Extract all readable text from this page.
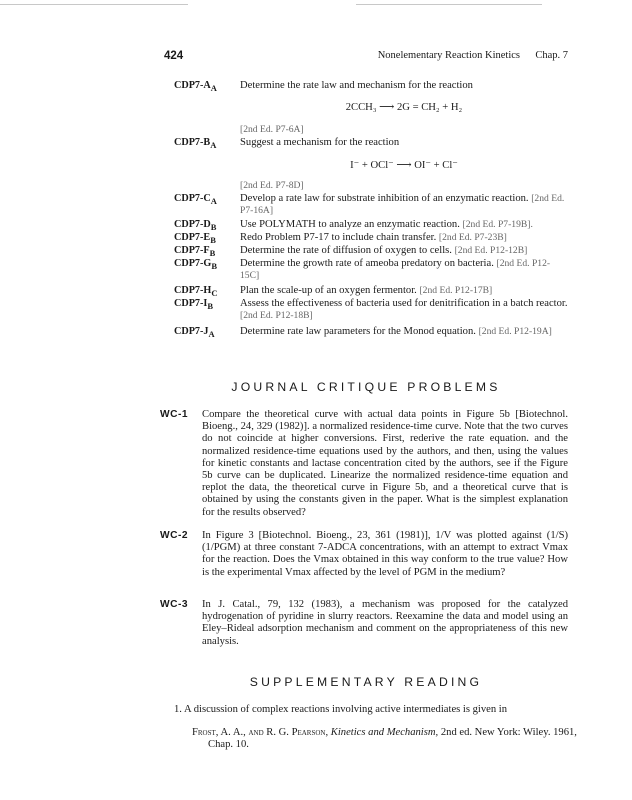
424	Nonelementary Reaction Kinetics Chap. 7
$CDP7-A_A$	Determine the rate law and mechanism for the reaction
2CCH₃ ⟶ 2G = CH₂ + H₂
[2nd Ed. P7-6A]
$CDP7-B_A$	Suggest a mechanism for the reaction
I⁻ + OCl⁻ ⟶ OI⁻ + Cl⁻
[2nd Ed. P7-8D]
$CDP7-C_A$	Develop a rate law for substrate inhibition of an enzymatic reaction. [2nd Ed. P7-16A]
$CDP7-D_B$	Use POLYMATH to analyze an enzymatic reaction. [2nd Ed. P7-19B].
$CDP7-E_B$	Redo Problem P7-17 to include chain transfer. [2nd Ed. P7-23B]
$CDP7-F_B$	Determine the rate of diffusion of oxygen to cells. [2nd Ed. P12-12B]
$CDP7-G_B$	Determine the growth rate of ameoba predatory on bacteria. [2nd Ed. P12-15C]
$CDP7-H_C$	Plan the scale-up of an oxygen fermentor. [2nd Ed. P12-17B]
$CDP7-I_B$	Assess the effectiveness of bacteria used for denitrification in a batch reactor. [2nd Ed. P12-18B]
$CDP7-J_A$	Determine rate law parameters for the Monod equation. [2nd Ed. P12-19A]
JOURNAL CRITIQUE PROBLEMS
WC-1 Compare the theoretical curve with actual data points in Figure 5b [Biotechnol. Bioeng., 24, 329 (1982)]. a normalized residence-time curve. Note that the two curves do not coincide at higher conversions. First, rederive the rate equation. and the normalized residence-time equations used by the authors, and then, using the values for kinetic constants and lactase concentration cited by the authors, see if the Figure 5b curve can be duplicated. Linearize the normalized residence-time equation and replot the data, the theoretical curve in Figure 5b, and a theoretical curve that is obtained by using the constants given in the paper. What is the simplest explanation for the results observed?
WC-2 In Figure 3 [Biotechnol. Bioeng., 23, 361 (1981)], 1/V was plotted against (1/S)(1/PGM) at three constant 7-ADCA concentrations, with an attempt to extract Vmax for the reaction. Does the Vmax obtained in this way conform to the true value? How is the experimental Vmax affected by the level of PGM in the medium?
WC-3 In J. Catal., 79, 132 (1983), a mechanism was proposed for the catalyzed hydrogenation of pyridine in slurry reactors. Reexamine the data and model using an Eley–Rideal adsorption mechanism and comment on the appropriateness of this new analysis.
SUPPLEMENTARY READING
1. A discussion of complex reactions involving active intermediates is given in
Frost, A. A., and R. G. Pearson, Kinetics and Mechanism, 2nd ed. New York: Wiley. 1961, Chap. 10.
